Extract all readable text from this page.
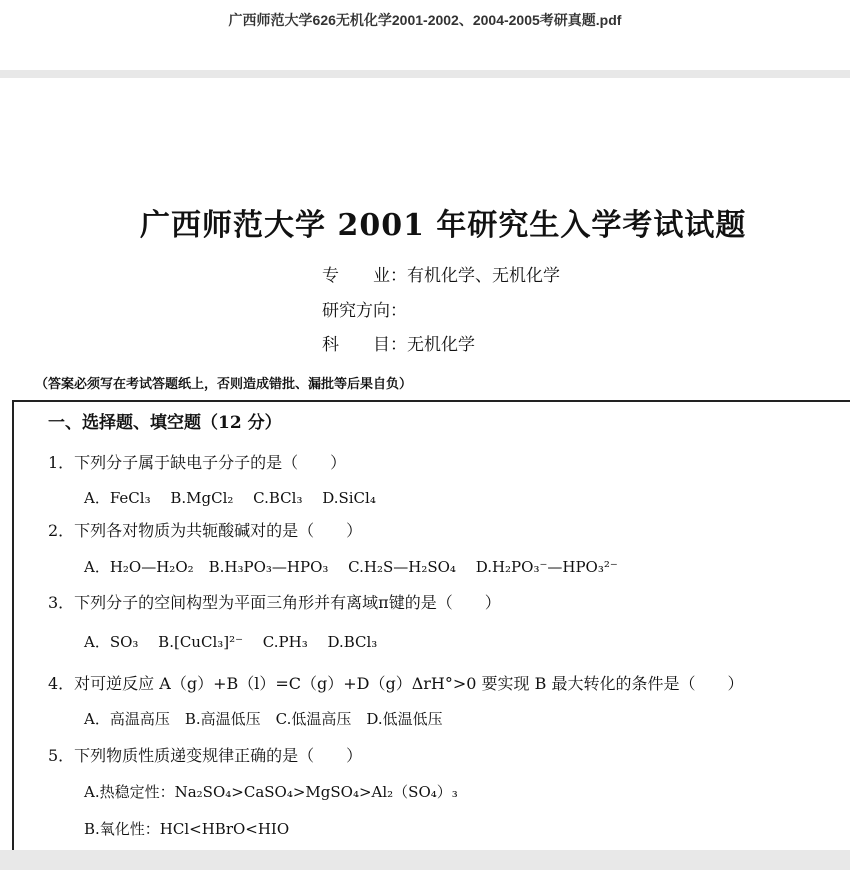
广西师范大学626无机化学2001-2002、2004-2005考研真题.pdf
广西师范大学 2001 年研究生入学考试试题
专　　业：有机化学、无机化学
研究方向：
科　　目：无机化学
（答案必须写在考试答题纸上，否则造成错批、漏批等后果自负）
一、选择题、填空题（12 分）
1．下列分子属于缺电子分子的是（　　）
A．FeCl₃　 B.MgCl₂　 C.BCl₃　 D.SiCl₄
2．下列各对物质为共轭酸碱对的是（　　）
A．H₂O—H₂O₂　B.H₃PO₃—HPO₃　 C.H₂S—H₂SO₄　 D.H₂PO₃⁻—HPO₃²⁻
3．下列分子的空间构型为平面三角形并有离域π键的是（　　）
A．SO₃　 B.[CuCl₃]²⁻　 C.PH₃　 D.BCl₃
4．对可逆反应 A（g）+B（l）=C（g）+D（g）ΔrH°>0 要实现 B 最大转化的条件是（　　）
A．高温高压　B.高温低压　C.低温高压　D.低温低压
5．下列物质性质递变规律正确的是（　　）
A.热稳定性：Na₂SO₄>CaSO₄>MgSO₄>Al₂（SO₄）₃
B.氧化性：HCl<HBrO<HIO
